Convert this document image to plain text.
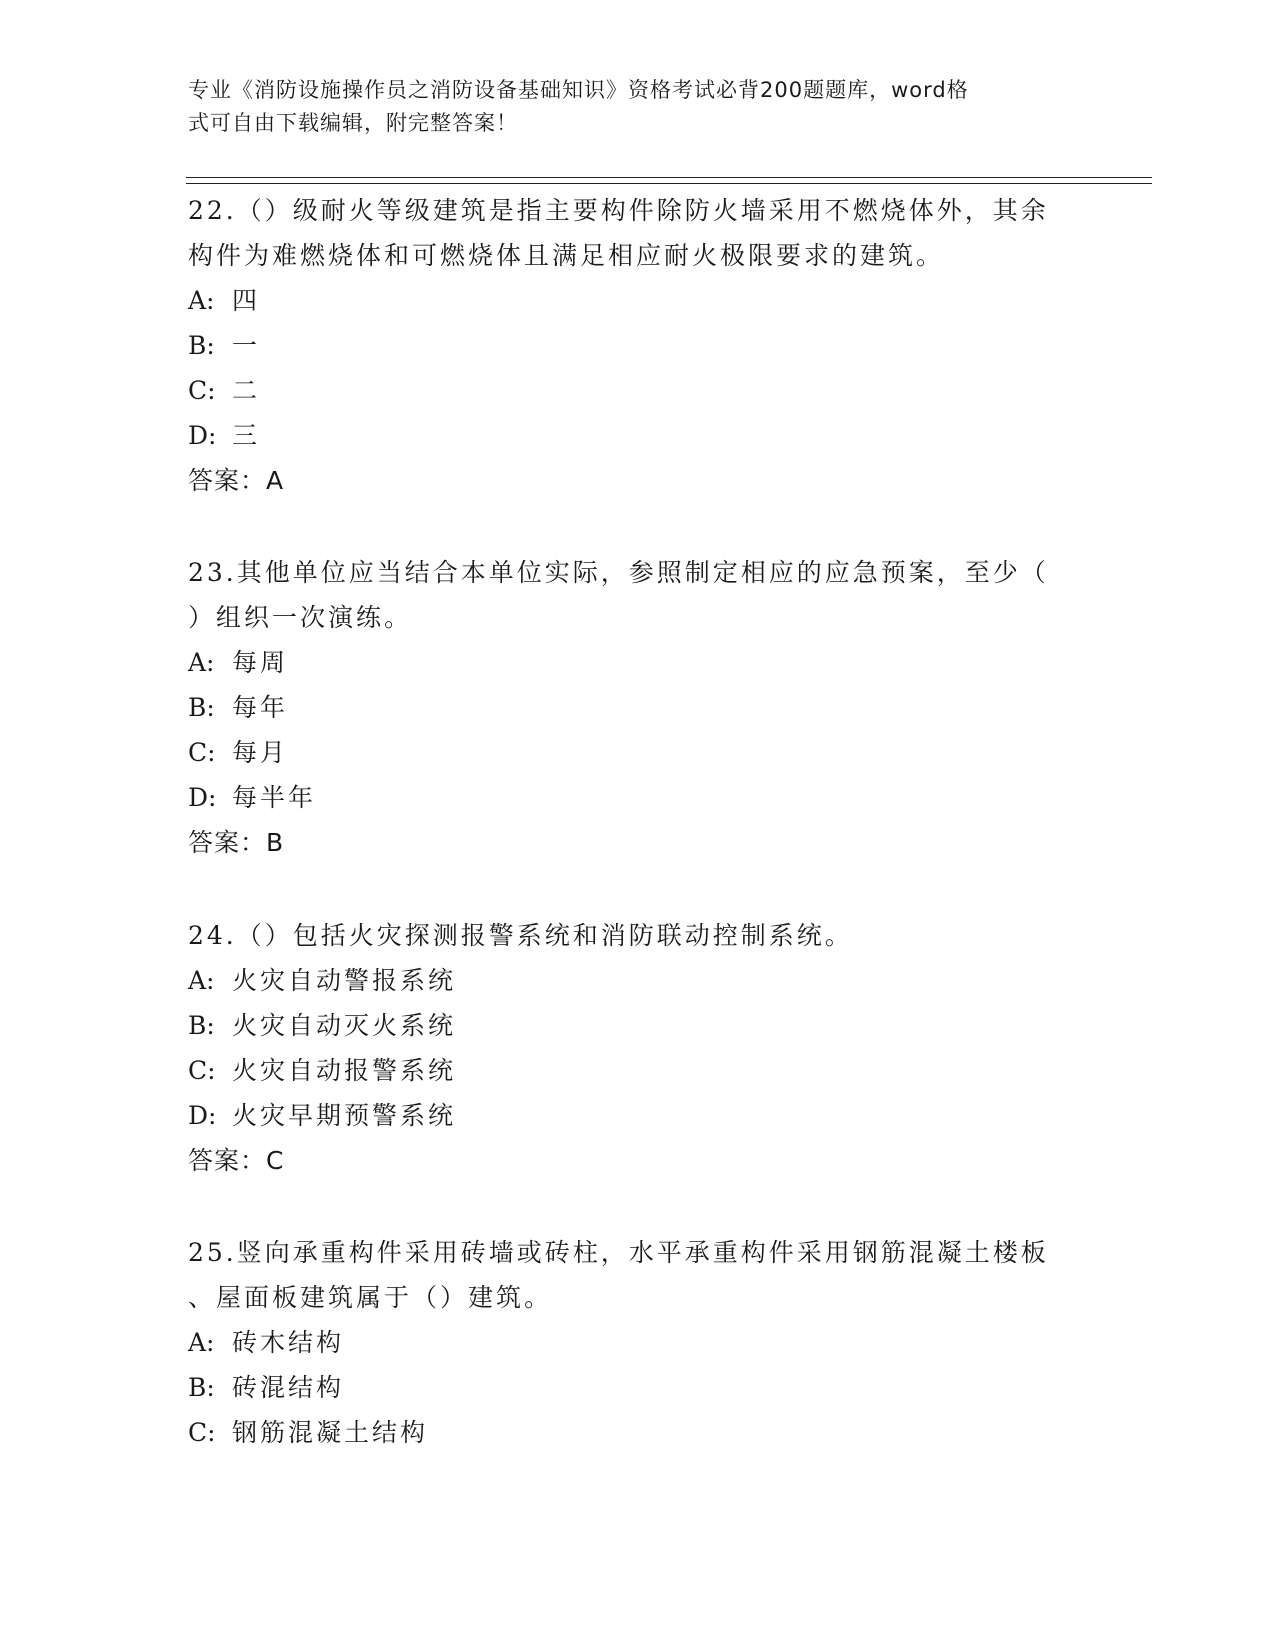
专业《消防设施操作员之消防设备基础知识》资格考试必背200题题库，word格
式可自由下载编辑，附完整答案！

22.（）级耐火等级建筑是指主要构件除防火墙采用不燃烧体外，其余

构件为难燃烧体和可燃烧体且满足相应耐火极限要求的建筑。

A: 四

B: 一

C: 二

D: 三

答案：A

23.其他单位应当结合本单位实际，参照制定相应的应急预案，至少（

）组织一次演练。

A: 每周

B: 每年

C: 每月

D: 每半年

答案：B

24.（）包括火灾探测报警系统和消防联动控制系统。

A: 火灾自动警报系统

B: 火灾自动灭火系统

C: 火灾自动报警系统

D: 火灾早期预警系统

答案：C

25.竖向承重构件采用砖墙或砖柱，水平承重构件采用钢筋混凝土楼板

、屋面板建筑属于（）建筑。

A: 砖木结构

B: 砖混结构

C: 钢筋混凝土结构
